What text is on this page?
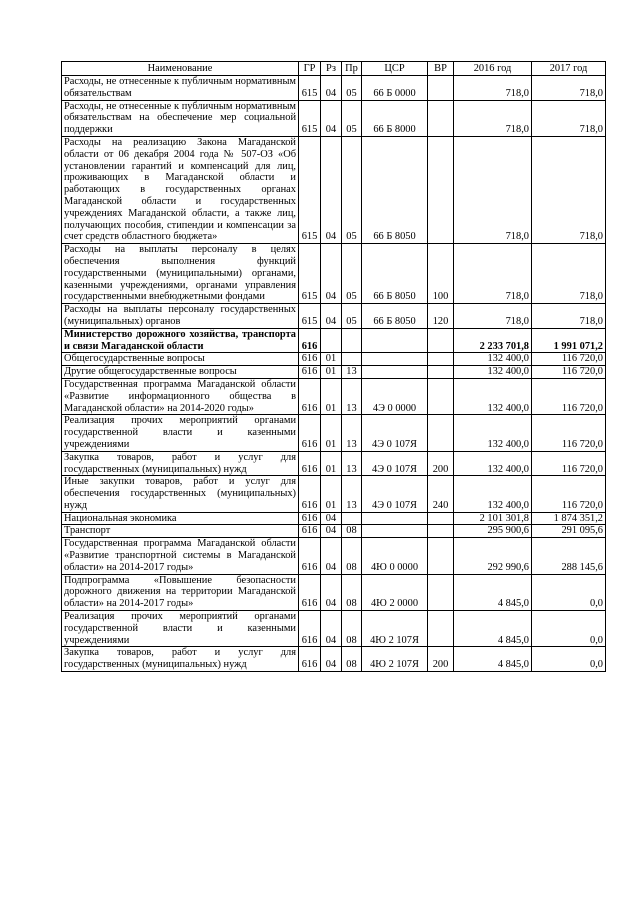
Наименование	ГР	Рз	Пр	ЦСР	ВР	2016 год	2017 год
Расходы, не отнесенные к публичным нормативным обязательствам	615	04	05	66 Б 0000		718,0	718,0
Расходы, не отнесенные к публичным нормативным обязательствам на обеспечение мер социальной поддержки	615	04	05	66 Б 8000		718,0	718,0
Расходы на реализацию Закона Магаданской области от 06 декабря 2004 года № 507-ОЗ «Об установлении гарантий и компенсаций для лиц, проживающих в Магаданской области и работающих в государственных органах Магаданской области и государственных учреждениях Магаданской области, а также лиц, получающих пособия, стипендии и компенсации за счет средств областного бюджета»	615	04	05	66 Б 8050		718,0	718,0
Расходы на выплаты персоналу в целях обеспечения выполнения функций государственными (муниципальными) органами, казенными учреждениями, органами управления государственными внебюджетными фондами	615	04	05	66 Б 8050	100	718,0	718,0
Расходы на выплаты персоналу государственных (муниципальных) органов	615	04	05	66 Б 8050	120	718,0	718,0
Министерство дорожного хозяйства, транспорта и связи Магаданской области	616					2 233 701,8	1 991 071,2
Общегосударственные вопросы	616	01				132 400,0	116 720,0
Другие общегосударственные вопросы	616	01	13			132 400,0	116 720,0
Государственная программа Магаданской области «Развитие информационного общества в Магаданской области» на 2014-2020 годы»	616	01	13	4Э 0 0000		132 400,0	116 720,0
Реализация прочих мероприятий органами государственной власти и казенными учреждениями	616	01	13	4Э 0 107Я		132 400,0	116 720,0
Закупка товаров, работ и услуг для государственных (муниципальных) нужд	616	01	13	4Э 0 107Я	200	132 400,0	116 720,0
Иные закупки товаров, работ и услуг для обеспечения государственных (муниципальных) нужд	616	01	13	4Э 0 107Я	240	132 400,0	116 720,0
Национальная экономика	616	04				2 101 301,8	1 874 351,2
Транспорт	616	04	08			295 900,6	291 095,6
Государственная программа Магаданской области «Развитие транспортной системы в Магаданской области» на 2014-2017 годы»	616	04	08	4Ю 0 0000		292 990,6	288 145,6
Подпрограмма «Повышение безопасности дорожного движения на территории Магаданской области» на 2014-2017 годы»	616	04	08	4Ю 2 0000		4 845,0	0,0
Реализация прочих мероприятий органами государственной власти и казенными учреждениями	616	04	08	4Ю 2 107Я		4 845,0	0,0
Закупка товаров, работ и услуг для государственных (муниципальных) нужд	616	04	08	4Ю 2 107Я	200	4 845,0	0,0
